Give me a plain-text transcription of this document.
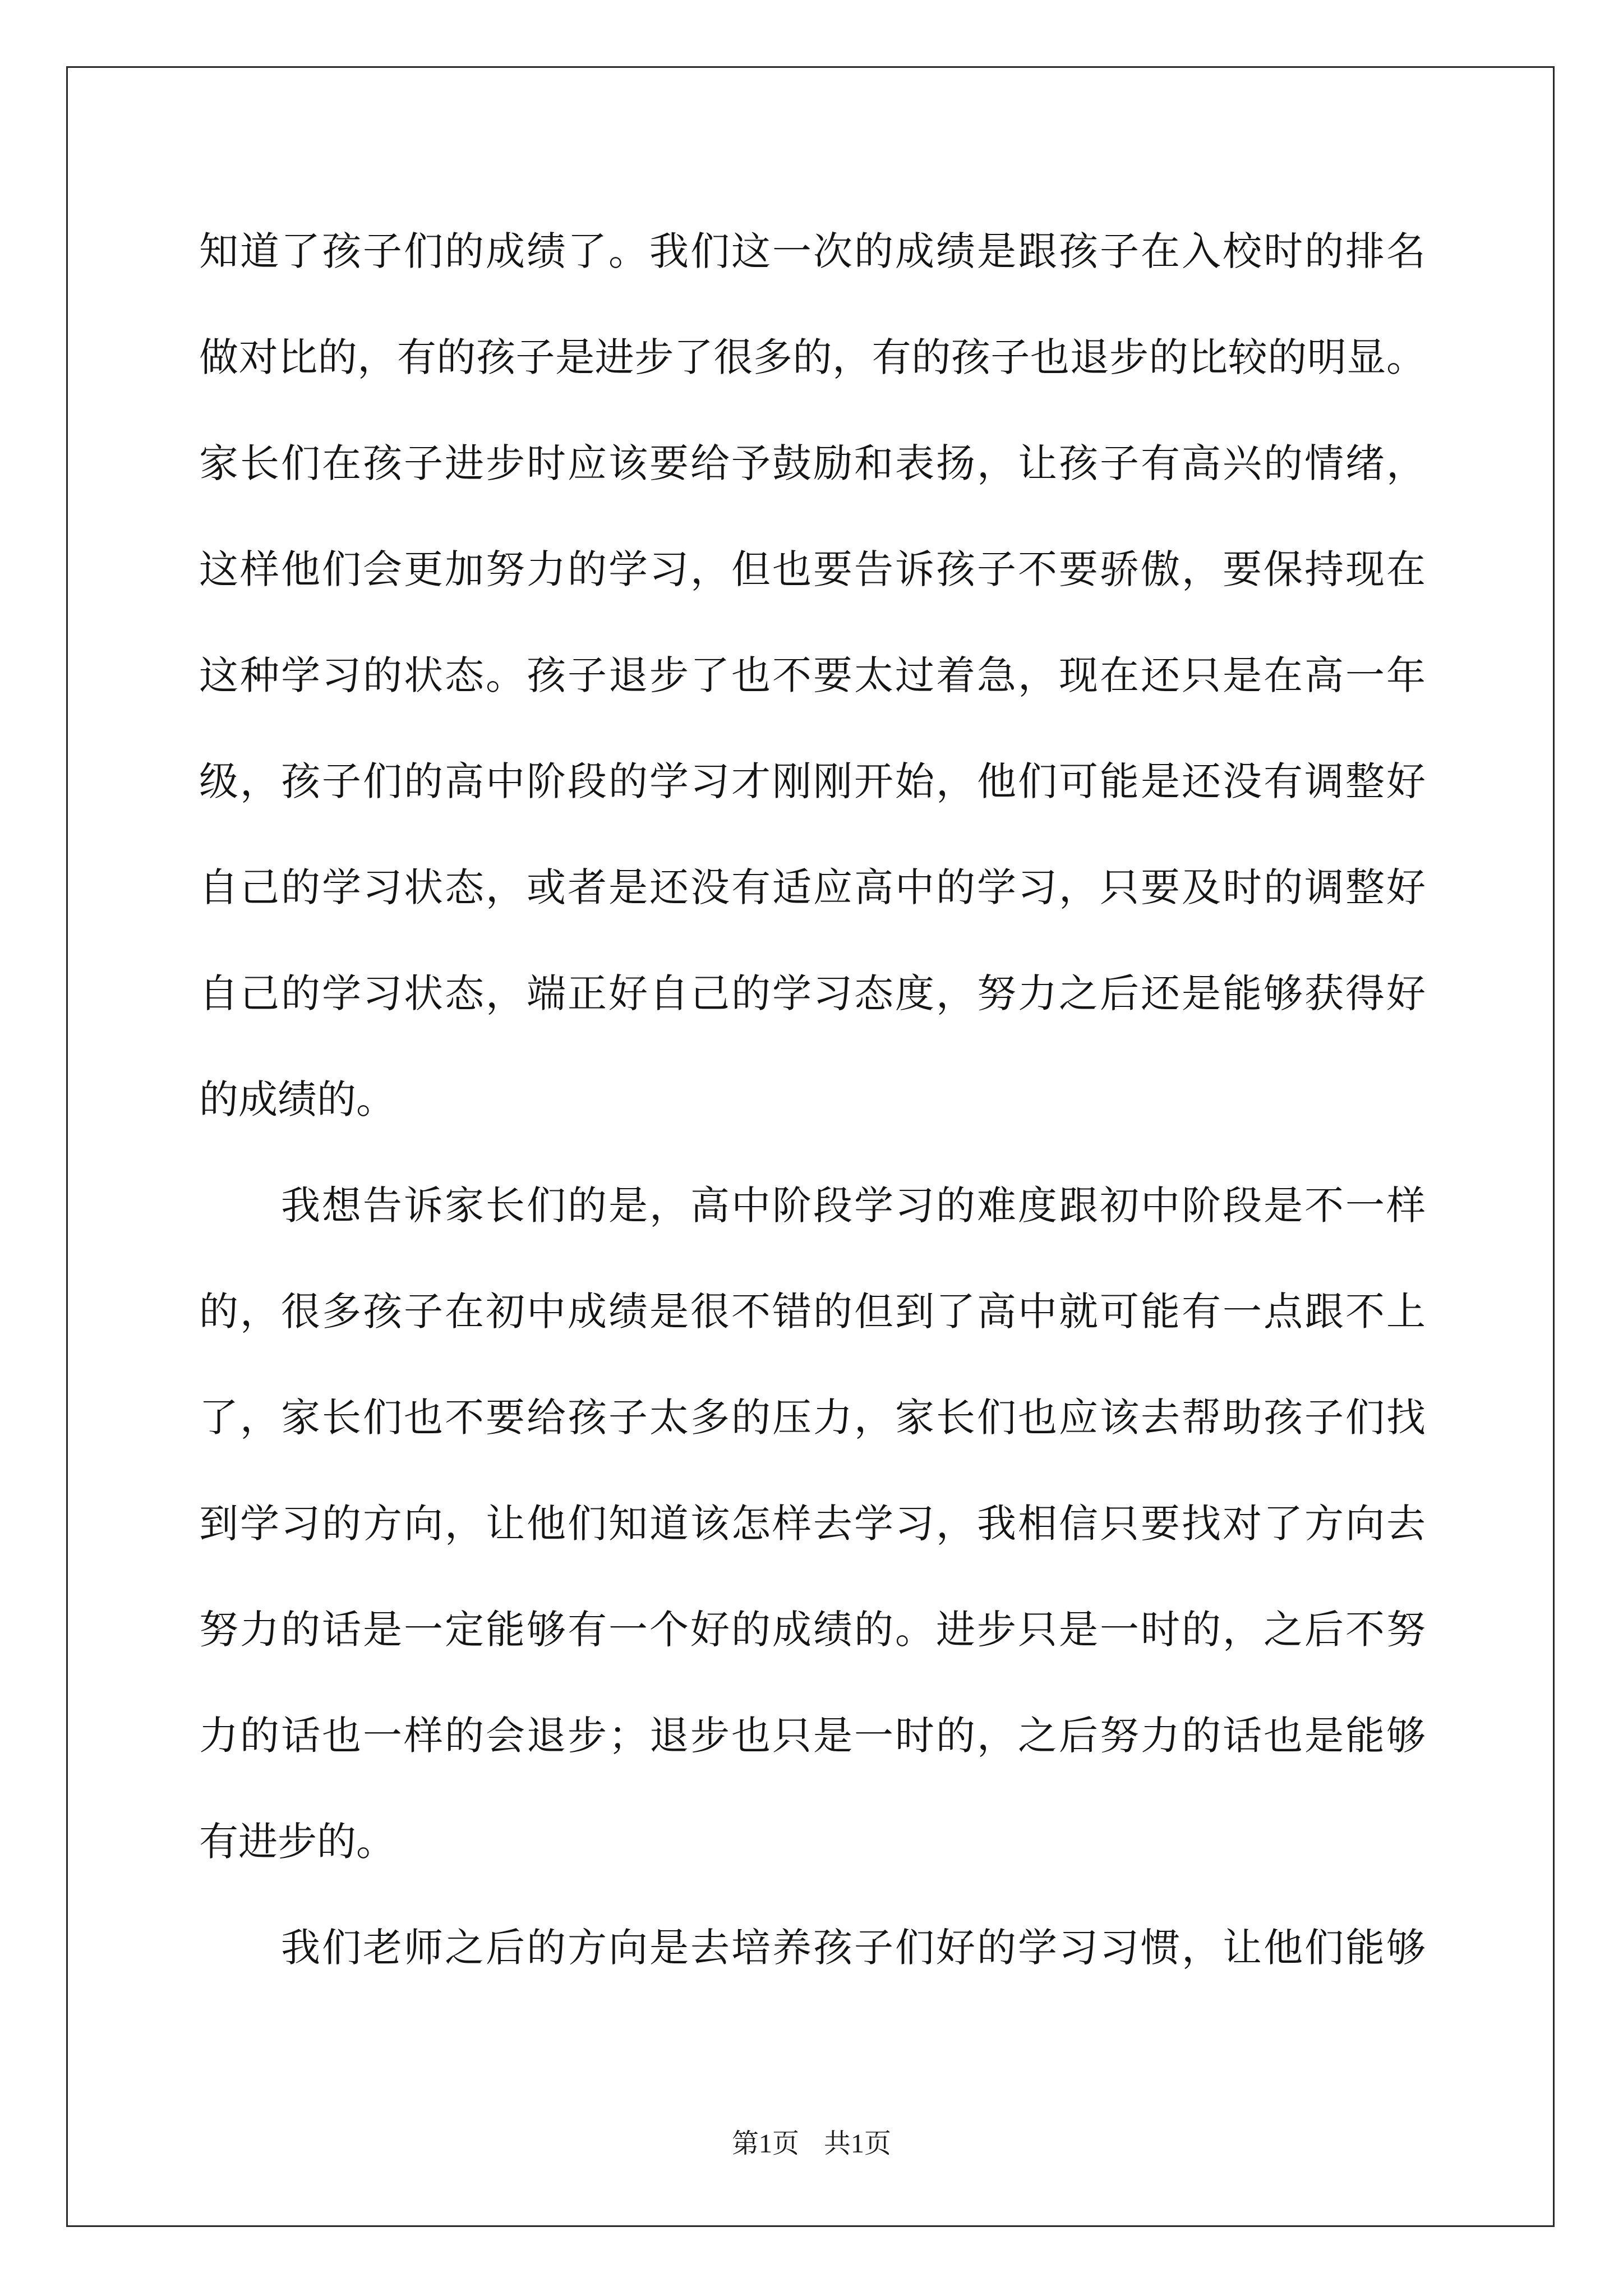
知道了孩子们的成绩了。我们这一次的成绩是跟孩子在入校时的排名
做对比的，有的孩子是进步了很多的，有的孩子也退步的比较的明显。
家长们在孩子进步时应该要给予鼓励和表扬，让孩子有高兴的情绪，
这样他们会更加努力的学习，但也要告诉孩子不要骄傲，要保持现在
这种学习的状态。孩子退步了也不要太过着急，现在还只是在高一年
级，孩子们的高中阶段的学习才刚刚开始，他们可能是还没有调整好
自己的学习状态，或者是还没有适应高中的学习，只要及时的调整好
自己的学习状态，端正好自己的学习态度，努力之后还是能够获得好
的成绩的。
我想告诉家长们的是，高中阶段学习的难度跟初中阶段是不一样
的，很多孩子在初中成绩是很不错的但到了高中就可能有一点跟不上
了，家长们也不要给孩子太多的压力，家长们也应该去帮助孩子们找
到学习的方向，让他们知道该怎样去学习，我相信只要找对了方向去
努力的话是一定能够有一个好的成绩的。进步只是一时的，之后不努
力的话也一样的会退步；退步也只是一时的，之后努力的话也是能够
有进步的。
我们老师之后的方向是去培养孩子们好的学习习惯，让他们能够
第1页 共1页
